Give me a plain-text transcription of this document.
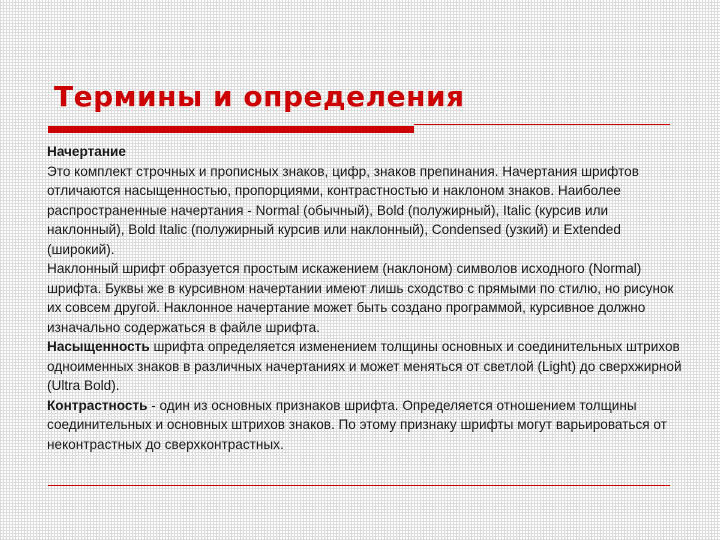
Термины и определения

Начертание
Это комплект строчных и прописных знаков, цифр, знаков препинания. Начертания шрифтов отличаются насыщенностью, пропорциями, контрастностью и наклоном знаков. Наиболее распространенные начертания - Normal (обычный), Bold (полужирный), Italic (курсив или наклонный), Bold Italic (полужирный курсив или наклонный), Condensed (узкий) и Extended (широкий).

Наклонный шрифт образуется простым искажением (наклоном) символов исходного (Normal) шрифта. Буквы же в курсивном начертании имеют лишь сходство с прямыми по стилю, но рисунок их совсем другой. Наклонное начертание может быть создано программой, курсивное должно изначально содержаться в файле шрифта.

Насыщенность шрифта определяется изменением толщины основных и соединительных штрихов одноименных знаков в различных начертаниях и может меняться от светлой (Light) до сверхжирной (Ultra Bold).

Контрастность - один из основных признаков шрифта. Определяется отношением толщины соединительных и основных штрихов знаков. По этому признаку шрифты могут варьироваться от неконтрастных до сверхконтрастных.
